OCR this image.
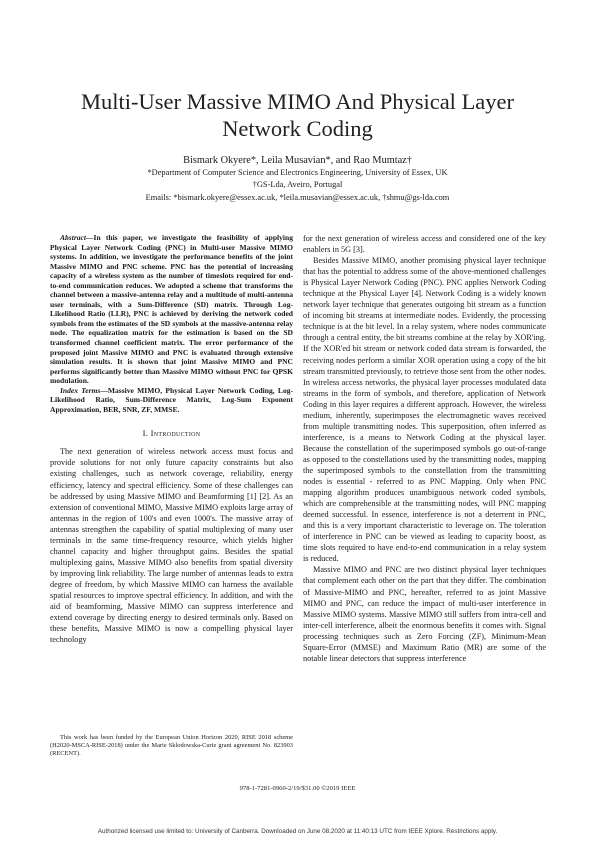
Multi-User Massive MIMO And Physical Layer
Network Coding
Bismark Okyere*, Leila Musavian*, and Rao Mumtaz†
*Department of Computer Science and Electronics Engineering, University of Essex, UK
†GS-Lda, Aveiro, Portugal
Emails: *bismark.okyere@essex.ac.uk, *leila.musavian@essex.ac.uk, †shmu@gs-lda.com

Abstract—In this paper, we investigate the feasibility of applying Physical Layer Network Coding (PNC) in Multi-user Massive MIMO systems. In addition, we investigate the performance benefits of the joint Massive MIMO and PNC scheme. PNC has the potential of increasing capacity of a wireless system as the number of timeslots required for end-to-end communication reduces. We adopted a scheme that transforms the channel between a massive-antenna relay and a multitude of multi-antenna user terminals, with a Sum-Difference (SD) matrix. Through Log-Likelihood Ratio (LLR), PNC is achieved by deriving the network coded symbols from the estimates of the SD symbols at the massive-antenna relay node. The equalization matrix for the estimation is based on the SD transformed channel coefficient matrix. The error performance of the proposed joint Massive MIMO and PNC is evaluated through extensive simulation results. It is shown that joint Massive MIMO and PNC performs significantly better than Massive MIMO without PNC for QPSK modulation.

Index Terms—Massive MIMO, Physical Layer Network Coding, Log-Likelihood Ratio, Sum-Difference Matrix, Log-Sum Exponent Approximation, BER, SNR, ZF, MMSE.

I. Introduction

The next generation of wireless network access must focus and provide solutions for not only future capacity constraints but also existing challenges, such as network coverage, reliability, energy efficiency, latency and spectral efficiency. Some of these challenges can be addressed by using Massive MIMO and Beamforming [1] [2]. As an extension of conventional MIMO, Massive MIMO exploits large array of antennas in the region of 100's and even 1000's. The massive array of antennas strengthen the capability of spatial multiplexing of many user terminals in the same time-frequency resource, which yields higher channel capacity and higher throughput gains. Besides the spatial multiplexing gains, Massive MIMO also benefits from spatial diversity by improving link reliability. The large number of antennas leads to extra degree of freedom, by which Massive MIMO can harness the available spatial resources to improve spectral efficiency. In addition, and with the aid of beamforming, Massive MIMO can suppress interference and extend coverage by directing energy to desired terminals only. Based on these benefits, Massive MIMO is now a compelling physical layer technology

for the next generation of wireless access and considered one of the key enablers in 5G [3].

Besides Massive MIMO, another promising physical layer technique that has the potential to address some of the above-mentioned challenges is Physical Layer Network Coding (PNC). PNC applies Network Coding technique at the Physical Layer [4]. Network Coding is a widely known network layer technique that generates outgoing bit stream as a function of incoming bit streams at intermediate nodes. Evidently, the processing technique is at the bit level. In a relay system, where nodes communicate through a central entity, the bit streams combine at the relay by XOR'ing. If the XOR'ed bit stream or network coded data stream is forwarded, the receiving nodes perform a similar XOR operation using a copy of the bit stream transmitted previously, to retrieve those sent from the other nodes. In wireless access networks, the physical layer processes modulated data streams in the form of symbols, and therefore, application of Network Coding in this layer requires a different approach. However, the wireless medium, inherently, superimposes the electromagnetic waves received from multiple transmitting nodes. This superposition, often inferred as interference, is a means to Network Coding at the physical layer. Because the constellation of the superimposed symbols go out-of-range as opposed to the constellations used by the transmitting nodes, mapping the superimposed symbols to the constellation from the transmitting nodes is essential - referred to as PNC Mapping. Only when PNC mapping algorithm produces unambiguous network coded symbols, which are comprehensible at the transmitting nodes, will PNC mapping deemed successful. In essence, interference is not a deterrent in PNC, and this is a very important characteristic to leverage on. The toleration of interference in PNC can be viewed as leading to capacity boost, as time slots required to have end-to-end communication in a relay system is reduced.

Massive MIMO and PNC are two distinct physical layer techniques that complement each other on the part that they differ. The combination of Massive-MIMO and PNC, hereafter, referred to as joint Massive MIMO and PNC, can reduce the impact of multi-user interference in Massive MIMO systems. Massive MIMO still suffers from intra-cell and inter-cell interference, albeit the enormous benefits it comes with. Signal processing techniques such as Zero Forcing (ZF), Minimum-Mean Square-Error (MMSE) and Maximum Ratio (MR) are some of the notable linear detectors that suppress interference

This work has been funded by the European Union Horizon 2020, RISE 2018 scheme (H2020-MSCA-RISE-2018) under the Marie Sklodowska-Curie grant agreement No. 823903 (RECENT).
978-1-7281-0960-2/19/$31.00 ©2019 IEEE
Authorized licensed use limited to: University of Canberra. Downloaded on June 08,2020 at 11:40:13 UTC from IEEE Xplore. Restrictions apply.
